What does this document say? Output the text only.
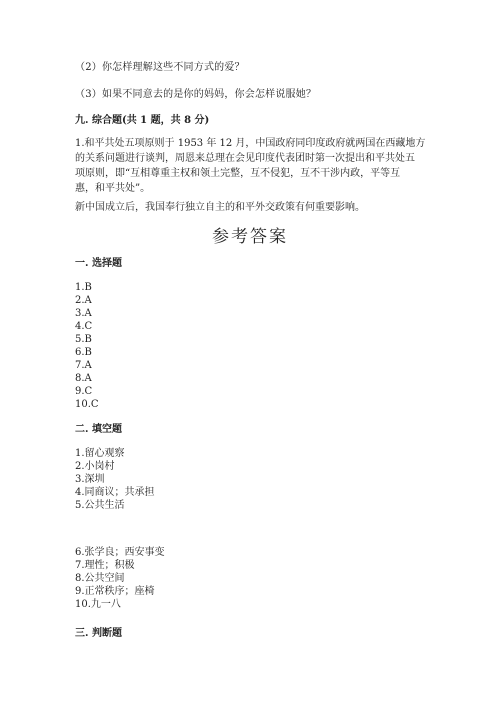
（2）你怎样理解这些不同方式的爱？
（3）如果不同意去的是你的妈妈，你会怎样说服她？
九. 综合题(共 1 题，共 8 分)
1.和平共处五项原则于 1953 年 12 月，中国政府同印度政府就两国在西藏地方
的关系问题进行谈判，周恩来总理在会见印度代表团时第一次提出和平共处五
项原则，即“互相尊重主权和领土完整，互不侵犯，互不干涉内政，平等互
惠，和平共处”。
新中国成立后，我国奉行独立自主的和平外交政策有何重要影响。
参考答案
一. 选择题
1.B
2.A
3.A
4.C
5.B
6.B
7.A
8.A
9.C
10.C
二. 填空题
1.留心观察
2.小岗村
3.深圳
4.同商议；共承担
5.公共生活
6.张学良；西安事变
7.理性；积极
8.公共空间
9.正常秩序；座椅
10.九一八
三. 判断题
